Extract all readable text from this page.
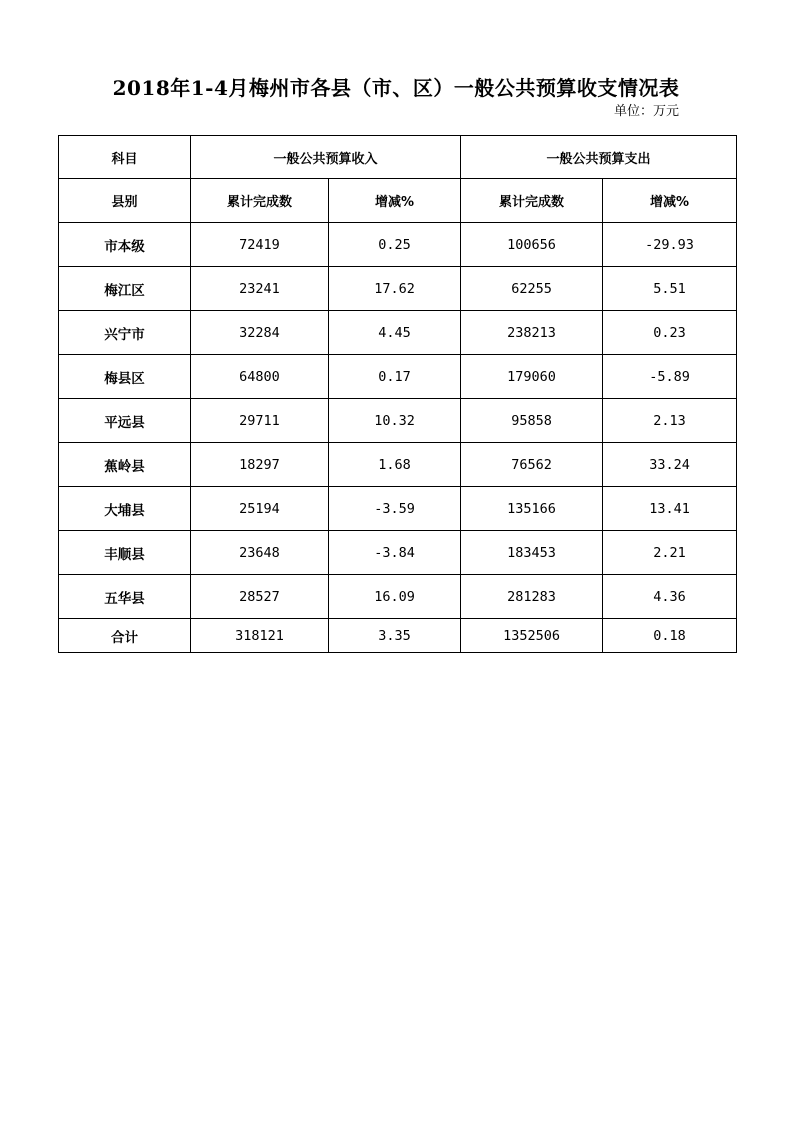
2018年1-4月梅州市各县（市、区）一般公共预算收支情况表
单位：万元
科目	一般公共预算收入		一般公共预算支出	
县别	累计完成数	增减%	累计完成数	增减%
市本级	72419	0.25	100656	-29.93
梅江区	23241	17.62	62255	5.51
兴宁市	32284	4.45	238213	0.23
梅县区	64800	0.17	179060	-5.89
平远县	29711	10.32	95858	2.13
蕉岭县	18297	1.68	76562	33.24
大埔县	25194	-3.59	135166	13.41
丰顺县	23648	-3.84	183453	2.21
五华县	28527	16.09	281283	4.36
合计	318121	3.35	1352506	0.18
